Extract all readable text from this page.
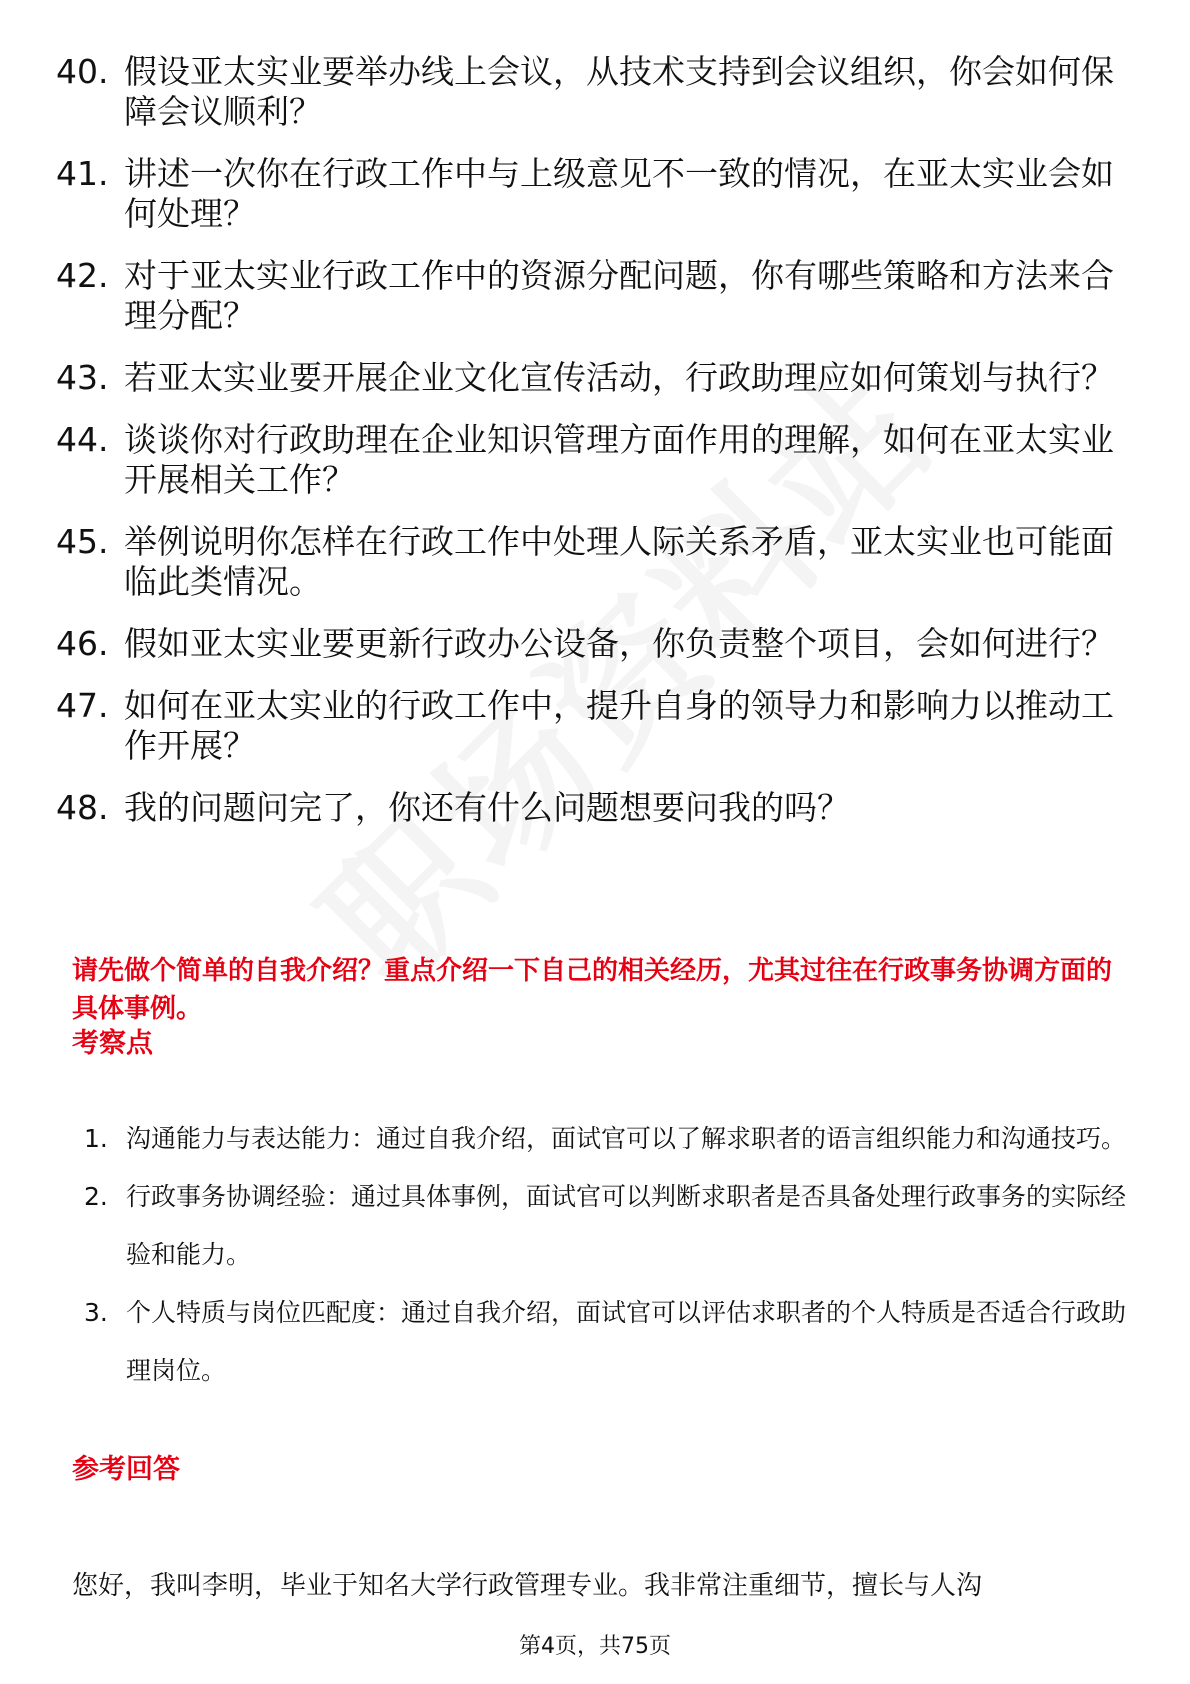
40. 假设亚太实业要举办线上会议，从技术支持到会议组织，你会如何保障会议顺利？
41. 讲述一次你在行政工作中与上级意见不一致的情况，在亚太实业会如何处理？
42. 对于亚太实业行政工作中的资源分配问题，你有哪些策略和方法来合理分配？
43. 若亚太实业要开展企业文化宣传活动，行政助理应如何策划与执行？
44. 谈谈你对行政助理在企业知识管理方面作用的理解，如何在亚太实业开展相关工作？
45. 举例说明你怎样在行政工作中处理人际关系矛盾，亚太实业也可能面临此类情况。
46. 假如亚太实业要更新行政办公设备，你负责整个项目，会如何进行？
47. 如何在亚太实业的行政工作中，提升自身的领导力和影响力以推动工作开展？
48. 我的问题问完了，你还有什么问题想要问我的吗？
请先做个简单的自我介绍？重点介绍一下自己的相关经历，尤其过往在行政事务协调方面的具体事例。
考察点
1. 沟通能力与表达能力：通过自我介绍，面试官可以了解求职者的语言组织能力和沟通技巧。
2. 行政事务协调经验：通过具体事例，面试官可以判断求职者是否具备处理行政事务的实际经验和能力。
3. 个人特质与岗位匹配度：通过自我介绍，面试官可以评估求职者的个人特质是否适合行政助理岗位。
参考回答
您好，我叫李明，毕业于知名大学行政管理专业。我非常注重细节，擅长与人沟
第4页，共75页
